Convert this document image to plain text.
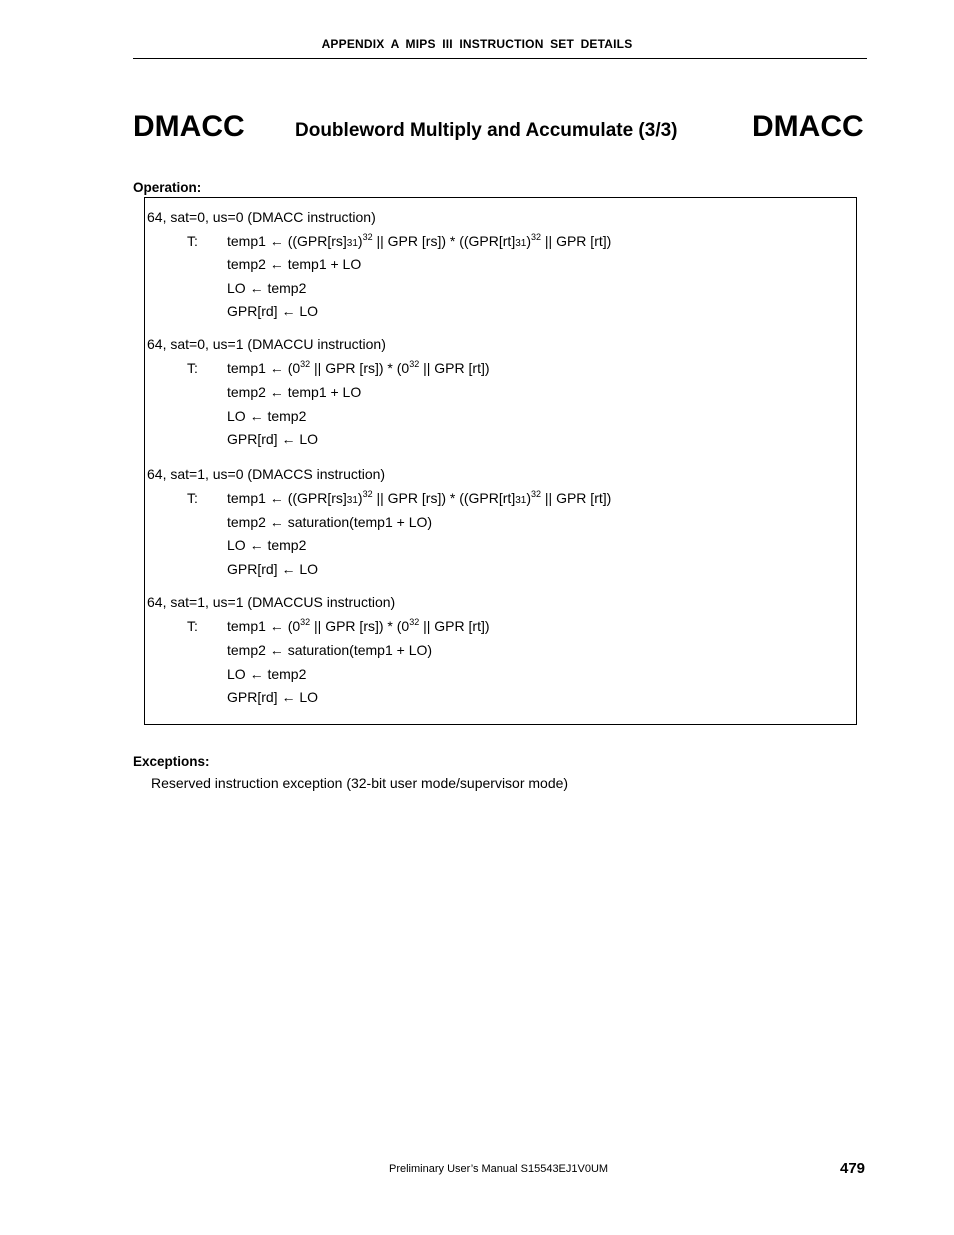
APPENDIX A MIPS III INSTRUCTION SET DETAILS
DMACC	Doubleword Multiply and Accumulate (3/3) DMACC
Operation:
64, sat=0, us=0 (DMACC instruction)
T: temp1 ← ($(GPR[rs]31)^{32}$ || GPR $[rs]) * ((GPR[rt]31)^{32}$ || GPR [rt])
temp2 ← temp1 + LO
LO ← temp2
GPR[rd] ← LO
64, sat=0, us=1 (DMACCU instruction)
T: temp1 ← ($0^{32}$ || GPR $[rs]) * (0^{32}$ || GPR [rt])
temp2 ← temp1 + LO
LO ← temp2
GPR[rd] ← LO
64, sat=1, us=0 (DMACCS instruction)
T: temp1 ← ($(GPR[rs]31)^{32}$ || GPR $[rs]) * ((GPR[rt]31)^{32}$ || GPR [rt])
temp2 ← saturation(temp1 + LO)
LO ← temp2
GPR[rd] ← LO
64, sat=1, us=1 (DMACCUS instruction)
T: temp1 ← ($0^{32}$ || GPR $[rs]) * (0^{32}$ || GPR [rt])
temp2 ← saturation(temp1 + LO)
LO ← temp2
GPR[rd] ← LO
Exceptions:
Reserved instruction exception (32-bit user mode/supervisor mode)
Preliminary User’s Manual S15543EJ1V0UM	479
